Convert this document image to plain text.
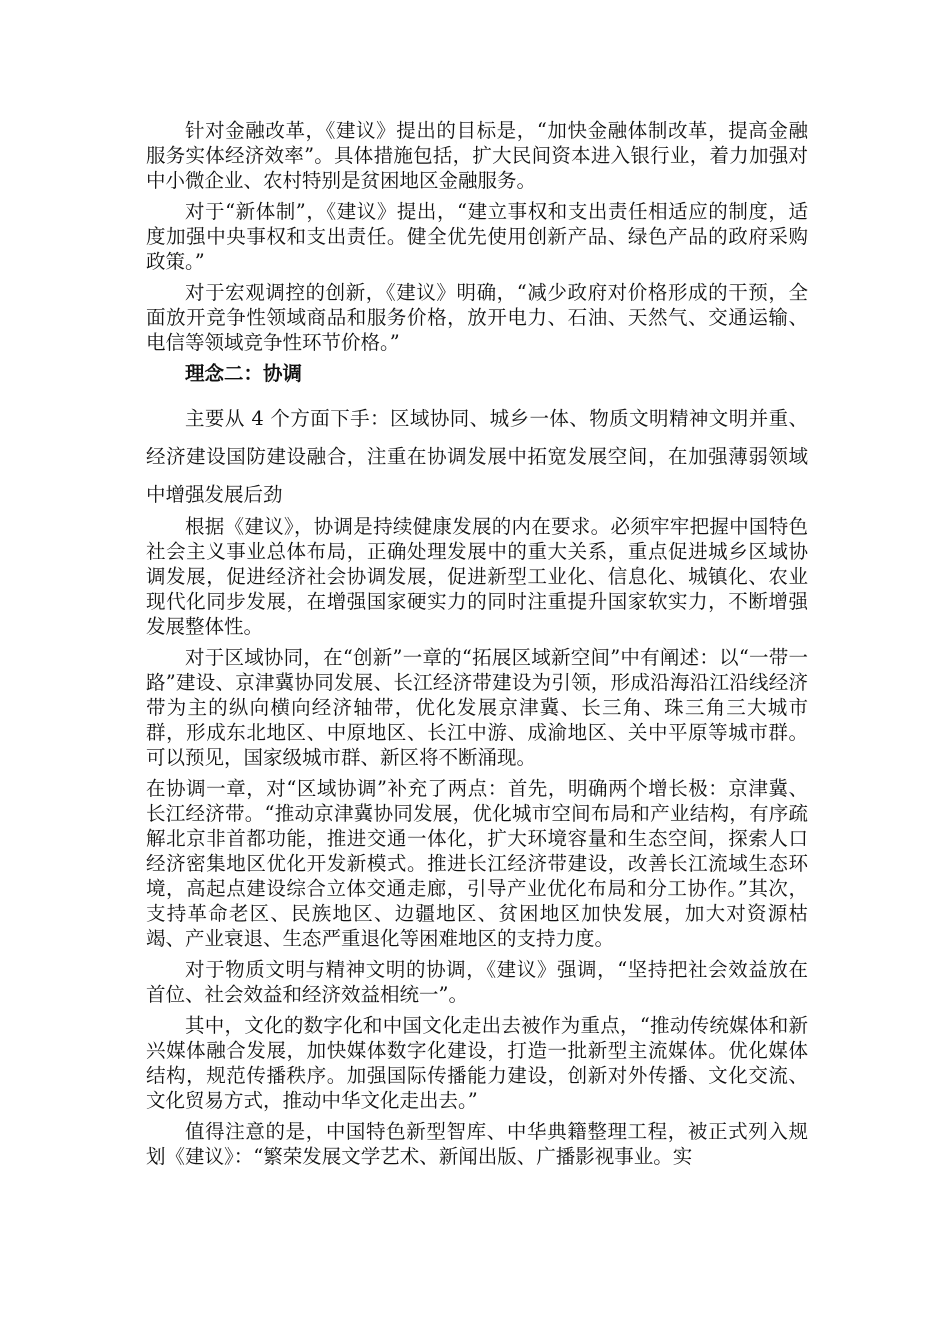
针对金融改革，《建议》提出的目标是，“加快金融体制改革，提高金融服务实体经济效率”。具体措施包括，扩大民间资本进入银行业，着力加强对中小微企业、农村特别是贫困地区金融服务。

对于“新体制”，《建议》提出，“建立事权和支出责任相适应的制度，适度加强中央事权和支出责任。健全优先使用创新产品、绿色产品的政府采购政策。”

对于宏观调控的创新，《建议》明确，“减少政府对价格形成的干预，全面放开竞争性领域商品和服务价格，放开电力、石油、天然气、交通运输、电信等领域竞争性环节价格。”

理念二：协调

主要从 4 个方面下手：区域协同、城乡一体、物质文明精神文明并重、经济建设国防建设融合，注重在协调发展中拓宽发展空间，在加强薄弱领域中增强发展后劲

根据《建议》，协调是持续健康发展的内在要求。必须牢牢把握中国特色社会主义事业总体布局，正确处理发展中的重大关系，重点促进城乡区域协调发展，促进经济社会协调发展，促进新型工业化、信息化、城镇化、农业现代化同步发展，在增强国家硬实力的同时注重提升国家软实力，不断增强发展整体性。

对于区域协同，在“创新”一章的“拓展区域新空间”中有阐述：以“一带一路”建设、京津冀协同发展、长江经济带建设为引领，形成沿海沿江沿线经济带为主的纵向横向经济轴带，优化发展京津冀、长三角、珠三角三大城市群，形成东北地区、中原地区、长江中游、成渝地区、关中平原等城市群。可以预见，国家级城市群、新区将不断涌现。

在协调一章，对“区域协调”补充了两点：首先，明确两个增长极：京津冀、长江经济带。“推动京津冀协同发展，优化城市空间布局和产业结构，有序疏解北京非首都功能，推进交通一体化，扩大环境容量和生态空间，探索人口经济密集地区优化开发新模式。推进长江经济带建设，改善长江流域生态环境，高起点建设综合立体交通走廊，引导产业优化布局和分工协作。”其次，支持革命老区、民族地区、边疆地区、贫困地区加快发展，加大对资源枯竭、产业衰退、生态严重退化等困难地区的支持力度。

对于物质文明与精神文明的协调，《建议》强调，“坚持把社会效益放在首位、社会效益和经济效益相统一”。

其中，文化的数字化和中国文化走出去被作为重点，“推动传统媒体和新兴媒体融合发展，加快媒体数字化建设，打造一批新型主流媒体。优化媒体结构，规范传播秩序。加强国际传播能力建设，创新对外传播、文化交流、文化贸易方式，推动中华文化走出去。”

值得注意的是，中国特色新型智库、中华典籍整理工程，被正式列入规划《建议》：“繁荣发展文学艺术、新闻出版、广播影视事业。实
